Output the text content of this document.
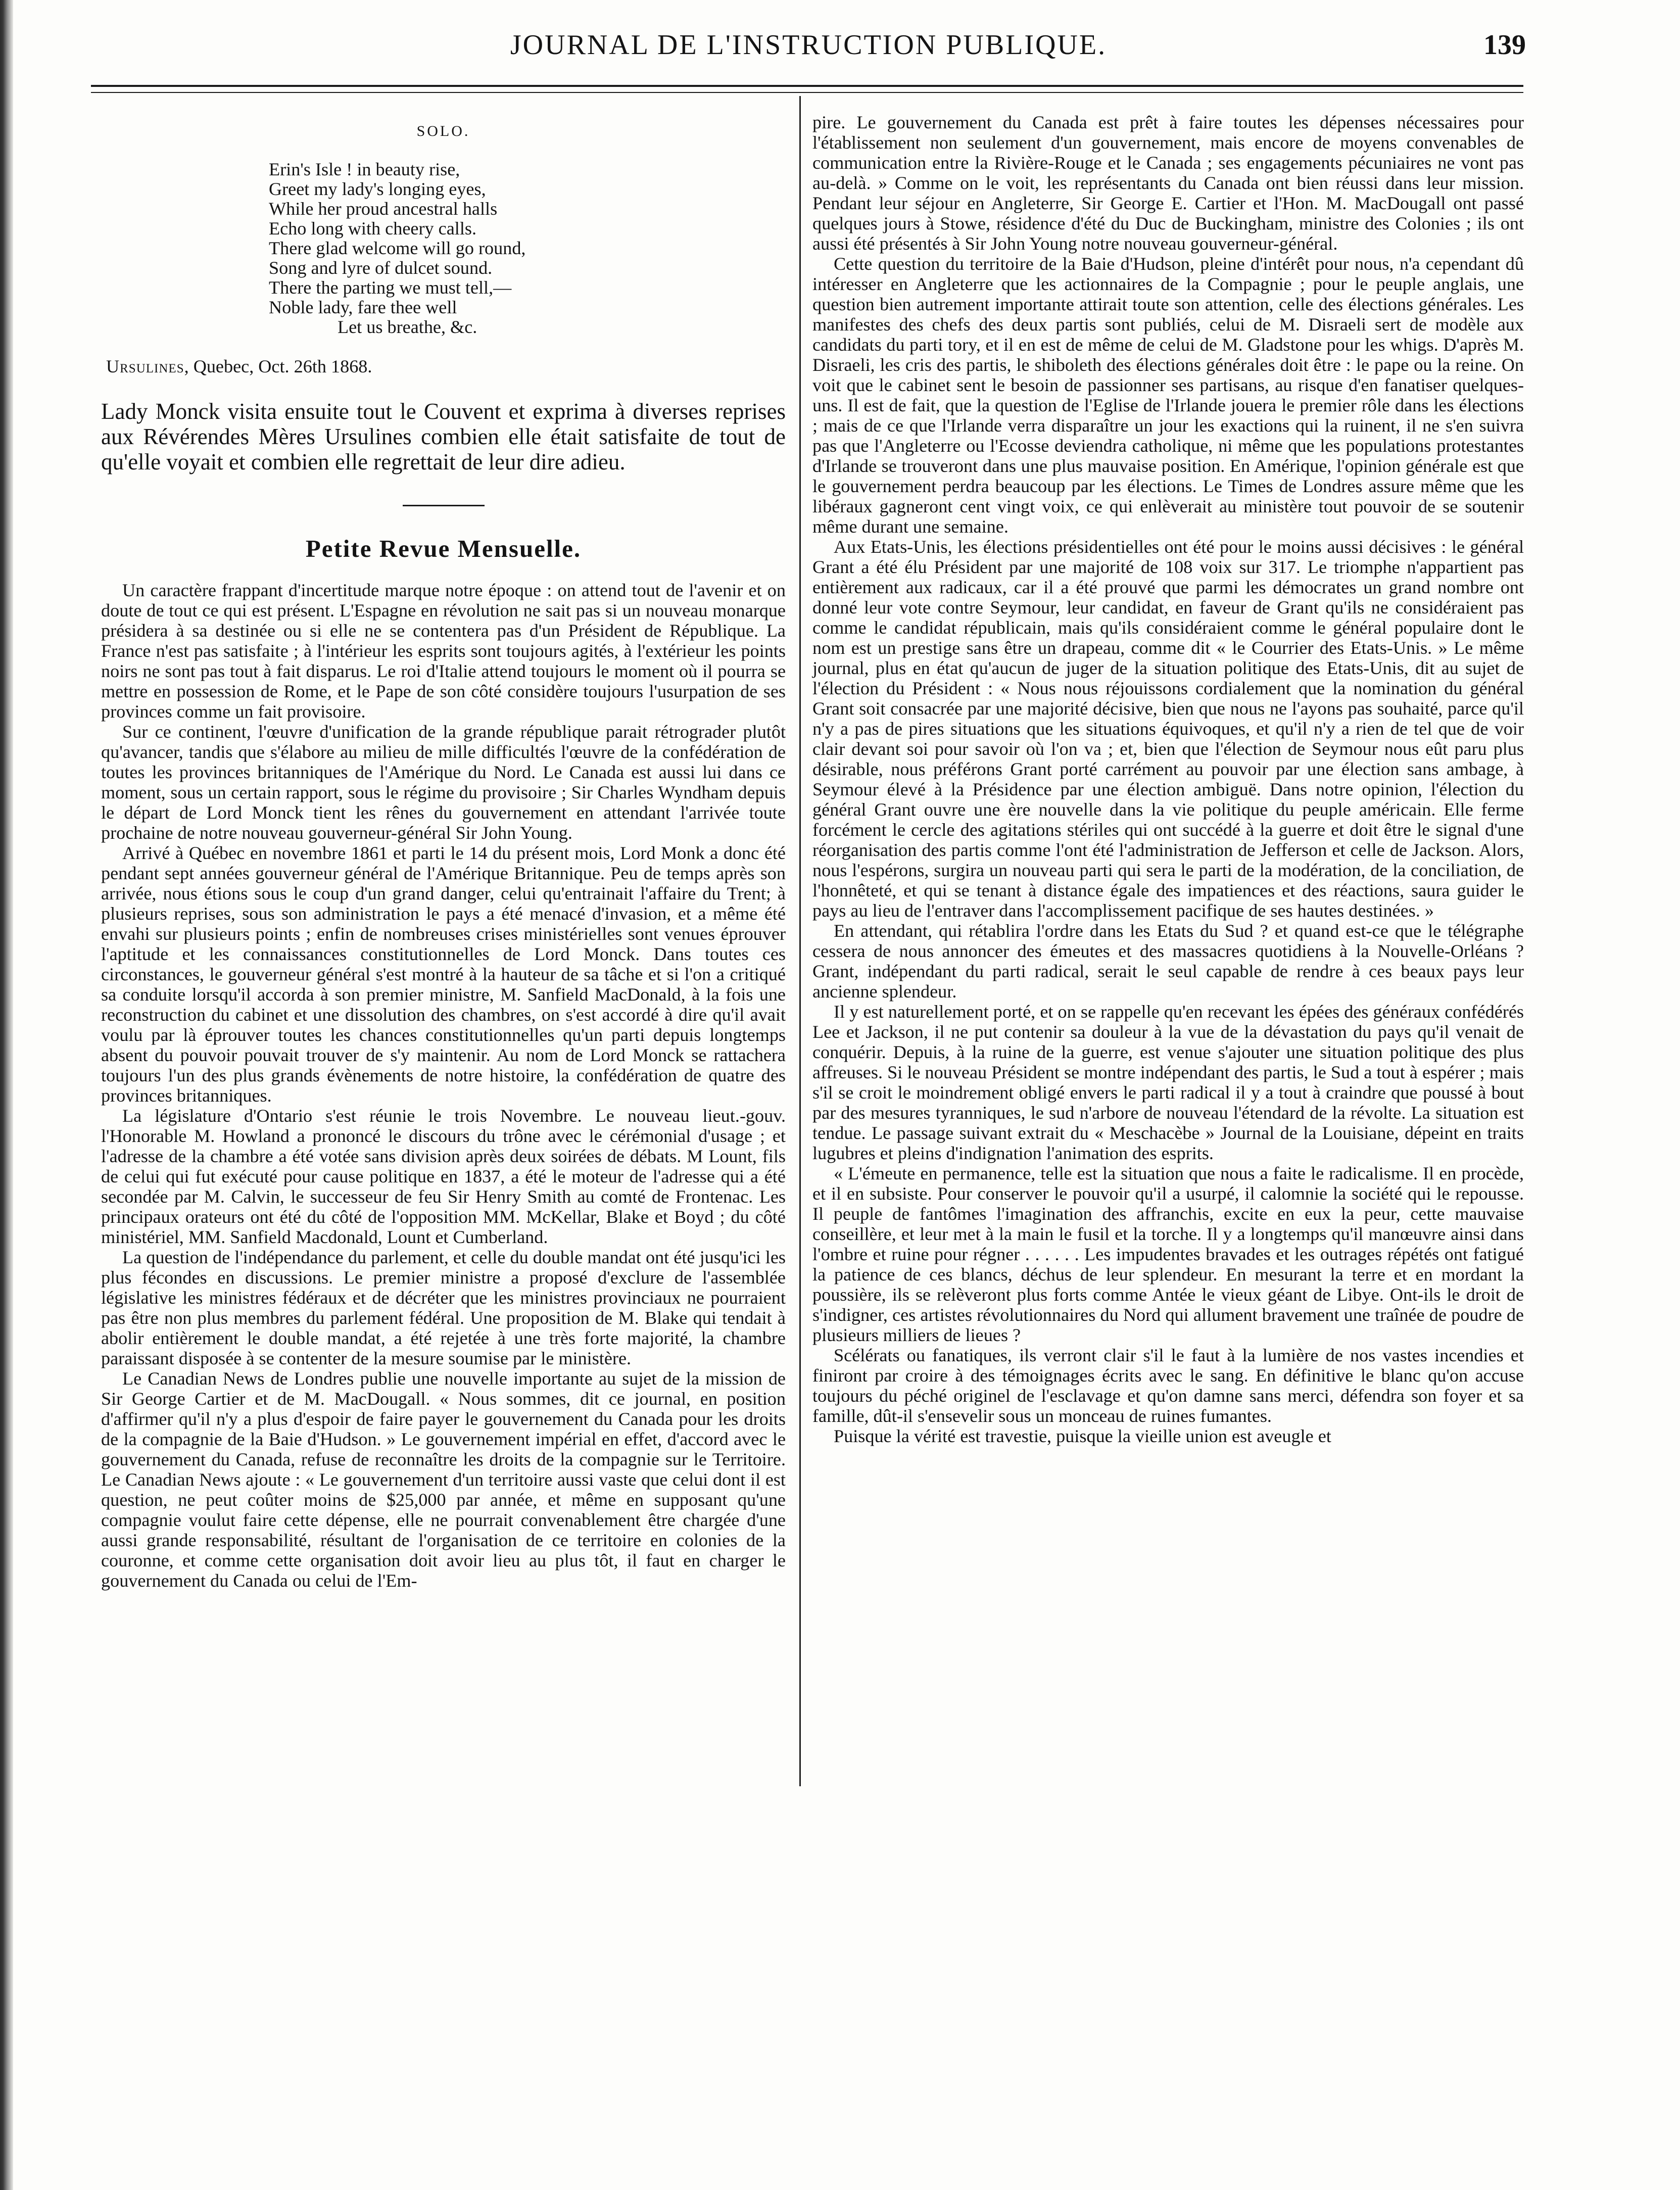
JOURNAL DE L'INSTRUCTION PUBLIQUE.	139
SOLO.
Erin's Isle ! in beauty rise,
Greet my lady's longing eyes,
While her proud ancestral halls
Echo long with cheery calls.
There glad welcome will go round,
Song and lyre of dulcet sound.
There the parting we must tell,—
Noble lady, fare thee well
Let us breathe, &c.
Ursulines, Quebec, Oct. 26th 1868.
Lady Monck visita ensuite tout le Couvent et exprima à diverses reprises aux Révérendes Mères Ursulines combien elle était satisfaite de tout de qu'elle voyait et combien elle regrettait de leur dire adieu.
Petite Revue Mensuelle.

Un caractère frappant d'incertitude marque notre époque : on attend tout de l'avenir et on doute de tout ce qui est présent. L'Espagne en révolution ne sait pas si un nouveau monarque présidera à sa destinée ou si elle ne se contentera pas d'un Président de République. La France n'est pas satisfaite ; à l'intérieur les esprits sont toujours agités, à l'extérieur les points noirs ne sont pas tout à fait disparus. Le roi d'Italie attend toujours le moment où il pourra se mettre en possession de Rome, et le Pape de son côté considère toujours l'usurpation de ses provinces comme un fait provisoire.

Sur ce continent, l'œuvre d'unification de la grande république parait rétrograder plutôt qu'avancer, tandis que s'élabore au milieu de mille difficultés l'œuvre de la confédération de toutes les provinces britanniques de l'Amérique du Nord. Le Canada est aussi lui dans ce moment, sous un certain rapport, sous le régime du provisoire ; Sir Charles Wyndham depuis le départ de Lord Monck tient les rênes du gouvernement en attendant l'arrivée toute prochaine de notre nouveau gouverneur-général Sir John Young.

Arrivé à Québec en novembre 1861 et parti le 14 du présent mois, Lord Monk a donc été pendant sept années gouverneur général de l'Amérique Britannique. Peu de temps après son arrivée, nous étions sous le coup d'un grand danger, celui qu'entrainait l'affaire du Trent; à plusieurs reprises, sous son administration le pays a été menacé d'invasion, et a même été envahi sur plusieurs points ; enfin de nombreuses crises ministérielles sont venues éprouver l'aptitude et les connaissances constitutionnelles de Lord Monck. Dans toutes ces circonstances, le gouverneur général s'est montré à la hauteur de sa tâche et si l'on a critiqué sa conduite lorsqu'il accorda à son premier ministre, M. Sanfield MacDonald, à la fois une reconstruction du cabinet et une dissolution des chambres, on s'est accordé à dire qu'il avait voulu par là éprouver toutes les chances constitutionnelles qu'un parti depuis longtemps absent du pouvoir pouvait trouver de s'y maintenir. Au nom de Lord Monck se rattachera toujours l'un des plus grands évènements de notre histoire, la confédération de quatre des provinces britanniques.

La législature d'Ontario s'est réunie le trois Novembre. Le nouveau lieut.-gouv. l'Honorable M. Howland a prononcé le discours du trône avec le cérémonial d'usage ; et l'adresse de la chambre a été votée sans division après deux soirées de débats. M Lount, fils de celui qui fut exécuté pour cause politique en 1837, a été le moteur de l'adresse qui a été secondée par M. Calvin, le successeur de feu Sir Henry Smith au comté de Frontenac. Les principaux orateurs ont été du côté de l'opposition MM. McKellar, Blake et Boyd ; du côté ministériel, MM. Sanfield Macdonald, Lount et Cumberland.

La question de l'indépendance du parlement, et celle du double mandat ont été jusqu'ici les plus fécondes en discussions. Le premier ministre a proposé d'exclure de l'assemblée législative les ministres fédéraux et de décréter que les ministres provinciaux ne pourraient pas être non plus membres du parlement fédéral. Une proposition de M. Blake qui tendait à abolir entièrement le double mandat, a été rejetée à une très forte majorité, la chambre paraissant disposée à se contenter de la mesure soumise par le ministère.

Le Canadian News de Londres publie une nouvelle importante au sujet de la mission de Sir George Cartier et de M. MacDougall. « Nous sommes, dit ce journal, en position d'affirmer qu'il n'y a plus d'espoir de faire payer le gouvernement du Canada pour les droits de la compagnie de la Baie d'Hudson. » Le gouvernement impérial en effet, d'accord avec le gouvernement du Canada, refuse de reconnaître les droits de la compagnie sur le Territoire. Le Canadian News ajoute : « Le gouvernement d'un territoire aussi vaste que celui dont il est question, ne peut coûter moins de $25,000 par année, et même en supposant qu'une compagnie voulut faire cette dépense, elle ne pourrait convenablement être chargée d'une aussi grande responsabilité, résultant de l'organisation de ce territoire en colonies de la couronne, et comme cette organisation doit avoir lieu au plus tôt, il faut en charger le gouvernement du Canada ou celui de l'Em-

pire. Le gouvernement du Canada est prêt à faire toutes les dépenses nécessaires pour l'établissement non seulement d'un gouvernement, mais encore de moyens convenables de communication entre la Rivière-Rouge et le Canada ; ses engagements pécuniaires ne vont pas au-delà. » Comme on le voit, les représentants du Canada ont bien réussi dans leur mission. Pendant leur séjour en Angleterre, Sir George E. Cartier et l'Hon. M. MacDougall ont passé quelques jours à Stowe, résidence d'été du Duc de Buckingham, ministre des Colonies ; ils ont aussi été présentés à Sir John Young notre nouveau gouverneur-général.

Cette question du territoire de la Baie d'Hudson, pleine d'intérêt pour nous, n'a cependant dû intéresser en Angleterre que les actionnaires de la Compagnie ; pour le peuple anglais, une question bien autrement importante attirait toute son attention, celle des élections générales. Les manifestes des chefs des deux partis sont publiés, celui de M. Disraeli sert de modèle aux candidats du parti tory, et il en est de même de celui de M. Gladstone pour les whigs. D'après M. Disraeli, les cris des partis, le shiboleth des élections générales doit être : le pape ou la reine. On voit que le cabinet sent le besoin de passionner ses partisans, au risque d'en fanatiser quelques-uns. Il est de fait, que la question de l'Eglise de l'Irlande jouera le premier rôle dans les élections ; mais de ce que l'Irlande verra disparaître un jour les exactions qui la ruinent, il ne s'en suivra pas que l'Angleterre ou l'Ecosse deviendra catholique, ni même que les populations protestantes d'Irlande se trouveront dans une plus mauvaise position. En Amérique, l'opinion générale est que le gouvernement perdra beaucoup par les élections. Le Times de Londres assure même que les libéraux gagneront cent vingt voix, ce qui enlèverait au ministère tout pouvoir de se soutenir même durant une semaine.

Aux Etats-Unis, les élections présidentielles ont été pour le moins aussi décisives : le général Grant a été élu Président par une majorité de 108 voix sur 317. Le triomphe n'appartient pas entièrement aux radicaux, car il a été prouvé que parmi les démocrates un grand nombre ont donné leur vote contre Seymour, leur candidat, en faveur de Grant qu'ils ne considéraient pas comme le candidat républicain, mais qu'ils considéraient comme le général populaire dont le nom est un prestige sans être un drapeau, comme dit « le Courrier des Etats-Unis. » Le même journal, plus en état qu'aucun de juger de la situation politique des Etats-Unis, dit au sujet de l'élection du Président : « Nous nous réjouissons cordialement que la nomination du général Grant soit consacrée par une majorité décisive, bien que nous ne l'ayons pas souhaité, parce qu'il n'y a pas de pires situations que les situations équivoques, et qu'il n'y a rien de tel que de voir clair devant soi pour savoir où l'on va ; et, bien que l'élection de Seymour nous eût paru plus désirable, nous préférons Grant porté carrément au pouvoir par une élection sans ambage, à Seymour élevé à la Présidence par une élection ambiguë. Dans notre opinion, l'élection du général Grant ouvre une ère nouvelle dans la vie politique du peuple américain. Elle ferme forcément le cercle des agitations stériles qui ont succédé à la guerre et doit être le signal d'une réorganisation des partis comme l'ont été l'administration de Jefferson et celle de Jackson. Alors, nous l'espérons, surgira un nouveau parti qui sera le parti de la modération, de la conciliation, de l'honnêteté, et qui se tenant à distance égale des impatiences et des réactions, saura guider le pays au lieu de l'entraver dans l'accomplissement pacifique de ses hautes destinées. »

En attendant, qui rétablira l'ordre dans les Etats du Sud ? et quand est-ce que le télégraphe cessera de nous annoncer des émeutes et des massacres quotidiens à la Nouvelle-Orléans ? Grant, indépendant du parti radical, serait le seul capable de rendre à ces beaux pays leur ancienne splendeur.

Il y est naturellement porté, et on se rappelle qu'en recevant les épées des généraux confédérés Lee et Jackson, il ne put contenir sa douleur à la vue de la dévastation du pays qu'il venait de conquérir. Depuis, à la ruine de la guerre, est venue s'ajouter une situation politique des plus affreuses. Si le nouveau Président se montre indépendant des partis, le Sud a tout à espérer ; mais s'il se croit le moindrement obligé envers le parti radical il y a tout à craindre que poussé à bout par des mesures tyranniques, le sud n'arbore de nouveau l'étendard de la révolte. La situation est tendue. Le passage suivant extrait du « Meschacèbe » Journal de la Louisiane, dépeint en traits lugubres et pleins d'indignation l'animation des esprits.

« L'émeute en permanence, telle est la situation que nous a faite le radicalisme. Il en procède, et il en subsiste. Pour conserver le pouvoir qu'il a usurpé, il calomnie la société qui le repousse. Il peuple de fantômes l'imagination des affranchis, excite en eux la peur, cette mauvaise conseillère, et leur met à la main le fusil et la torche. Il y a longtemps qu'il manœuvre ainsi dans l'ombre et ruine pour régner . . . . . . Les impudentes bravades et les outrages répétés ont fatigué la patience de ces blancs, déchus de leur splendeur. En mesurant la terre et en mordant la poussière, ils se relèveront plus forts comme Antée le vieux géant de Libye. Ont-ils le droit de s'indigner, ces artistes révolutionnaires du Nord qui allument bravement une traînée de poudre de plusieurs milliers de lieues ?

Scélérats ou fanatiques, ils verront clair s'il le faut à la lumière de nos vastes incendies et finiront par croire à des témoignages écrits avec le sang. En définitive le blanc qu'on accuse toujours du péché originel de l'esclavage et qu'on damne sans merci, défendra son foyer et sa famille, dût-il s'ensevelir sous un monceau de ruines fumantes.

Puisque la vérité est travestie, puisque la vieille union est aveugle et
